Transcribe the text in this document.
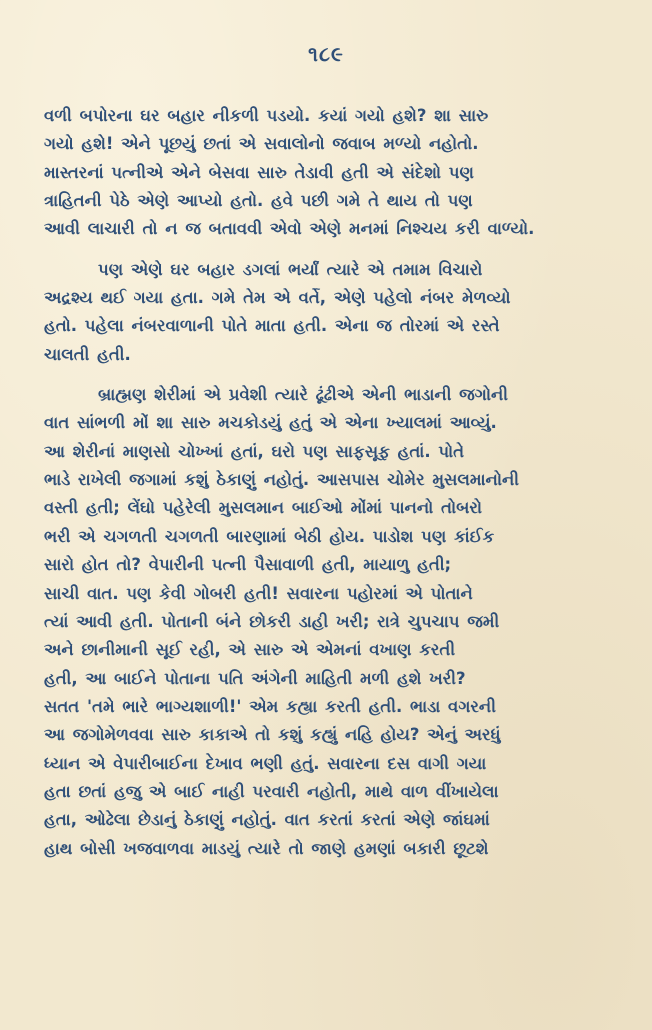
૧૮૯

વળી બપોરના ઘર બહાર નીકળી પડયો. કયાં ગયો હશે? શા સારુ
ગયો હશે! એને પૂછયું છતાં એ સવાલોનો જવાબ મળ્યો નહોતો.
માસ્તરનાં પત્નીએ એને બેસવા સારુ તેડાવી હતી એ સંદેશો પણ
ત્રાહિતની પેઠે એણે આપ્યો હતો. હવે પછી ગમે તે થાય તો પણ
આવી લાચારી તો ન જ બતાવવી એવો એણે મનમાં નિશ્ચય કરી વાળ્યો.

પણ એણે ઘર બહાર ડગલાં ભર્યાં ત્યારે એ તમામ વિચારો
અદ્રશ્ય થઈ ગયા હતા. ગમે તેમ એ વર્તે, એણે પહેલો નંબર મેળવ્યો
હતો. પહેલા નંબરવાળાની પોતે માતા હતી. એના જ તોરમાં એ રસ્તે
ચાલતી હતી.

બ્રાહ્મણ શેરીમાં એ પ્રવેશી ત્યારે ઢૂંઢીએ એની ભાડાની જગોની
વાત સાંભળી મોં શા સારુ મચકોડયું હતું એ એના ખ્યાલમાં આવ્યું.
આ શેરીનાં માણસો ચોખ્ખાં હતાં, ઘરો પણ સાફસૂફ હતાં. પોતે
ભાડે રાખેલી જગામાં કશું ઠેકાણું નહોતું. આસપાસ ચોમેર મુસલમાનોની
વસ્તી હતી; લેંઘો પહેરેલી મુસલમાન બાઈઓ મોંમાં પાનનો તોબરો
ભરી એ ચગળતી ચગળતી બારણામાં બેઠી હોય. પાડોશ પણ કાંઈક
સારો હોત તો? વેપારીની પત્ની પૈસાવાળી હતી, માયાળુ હતી;
સાચી વાત. પણ કેવી ગોબરી હતી! સવારના પહોરમાં એ પોતાને
ત્યાં આવી હતી. પોતાની બંને છોકરી ડાહી ખરી; રાત્રે ચુપચાપ જમી
અને છાનીમાની સૂઈ રહી, એ સારુ એ એમનાં વખાણ કરતી
હતી, આ બાઈને પોતાના પતિ અંગેની માહિતી મળી હશે ખરી?
સતત 'તમે ભારે ભાગ્યશાળી!' એમ કહ્યા કરતી હતી. ભાડા વગરની
આ જગોમેળવવા સારુ કાકાએ તો કશું કહ્યું નહિ હોય? એનું અરધું
ધ્યાન એ વેપારીબાઈના દેખાવ ભણી હતું. સવારના દસ વાગી ગયા
હતા છતાં હજુ એ બાઈ નાહી પરવારી નહોતી, માથે વાળ વીંખાયેલા
હતા, ઓઢેલા છેડાનું ઠેકાણું નહોતું. વાત કરતાં કરતાં એણે જાંઘમાં
હાથ બોસી ખજવાળવા માડયું ત્યારે તો જાણે હમણાં બકારી છૂટશે
